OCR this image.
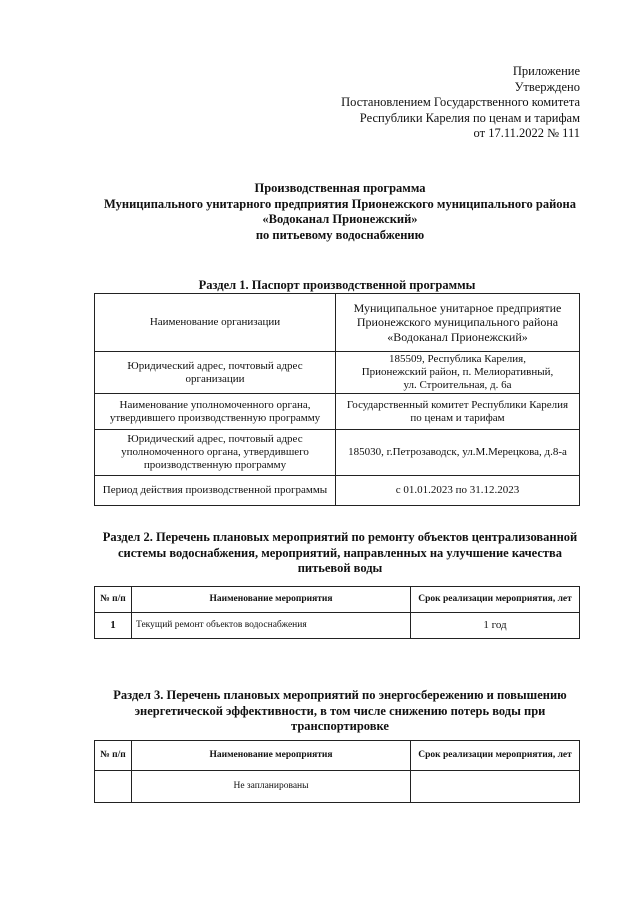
Приложение
Утверждено
Постановлением Государственного комитета
Республики Карелия по ценам и тарифам
от 17.11.2022 № 111
Производственная программа
Муниципального унитарного предприятия Прионежского муниципального района
«Водоканал Прионежский»
по питьевому водоснабжению
Раздел 1. Паспорт производственной программы
Наименование организации	Муниципальное унитарное предприятие
Прионежского муниципального района
«Водоканал Прионежский»

Юридический адрес, почтовый адрес организации	185509, Республика Карелия,
Прионежский район, п. Мелиоративный,
ул. Строительная, д. 6а

Наименование уполномоченного органа, утвердившего производственную программу	Государственный комитет Республики Карелия
по ценам и тарифам

Юридический адрес, почтовый адрес уполномоченного органа, утвердившего производственную программу	185030, г.Петрозаводск, ул.М.Мерецкова, д.8-а

Период действия производственной программы	с 01.01.2023 по 31.12.2023
Раздел 2. Перечень плановых мероприятий по ремонту объектов централизованной системы водоснабжения, мероприятий, направленных на улучшение качества питьевой воды
№ п/п	Наименование мероприятия	Срок реализации мероприятия, лет
1	Текущий ремонт объектов водоснабжения	1 год
Раздел 3. Перечень плановых мероприятий по энергосбережению и повышению энергетической эффективности, в том числе снижению потерь воды при транспортировке
№ п/п	Наименование мероприятия	Срок реализации мероприятия, лет
	Не запланированы	
